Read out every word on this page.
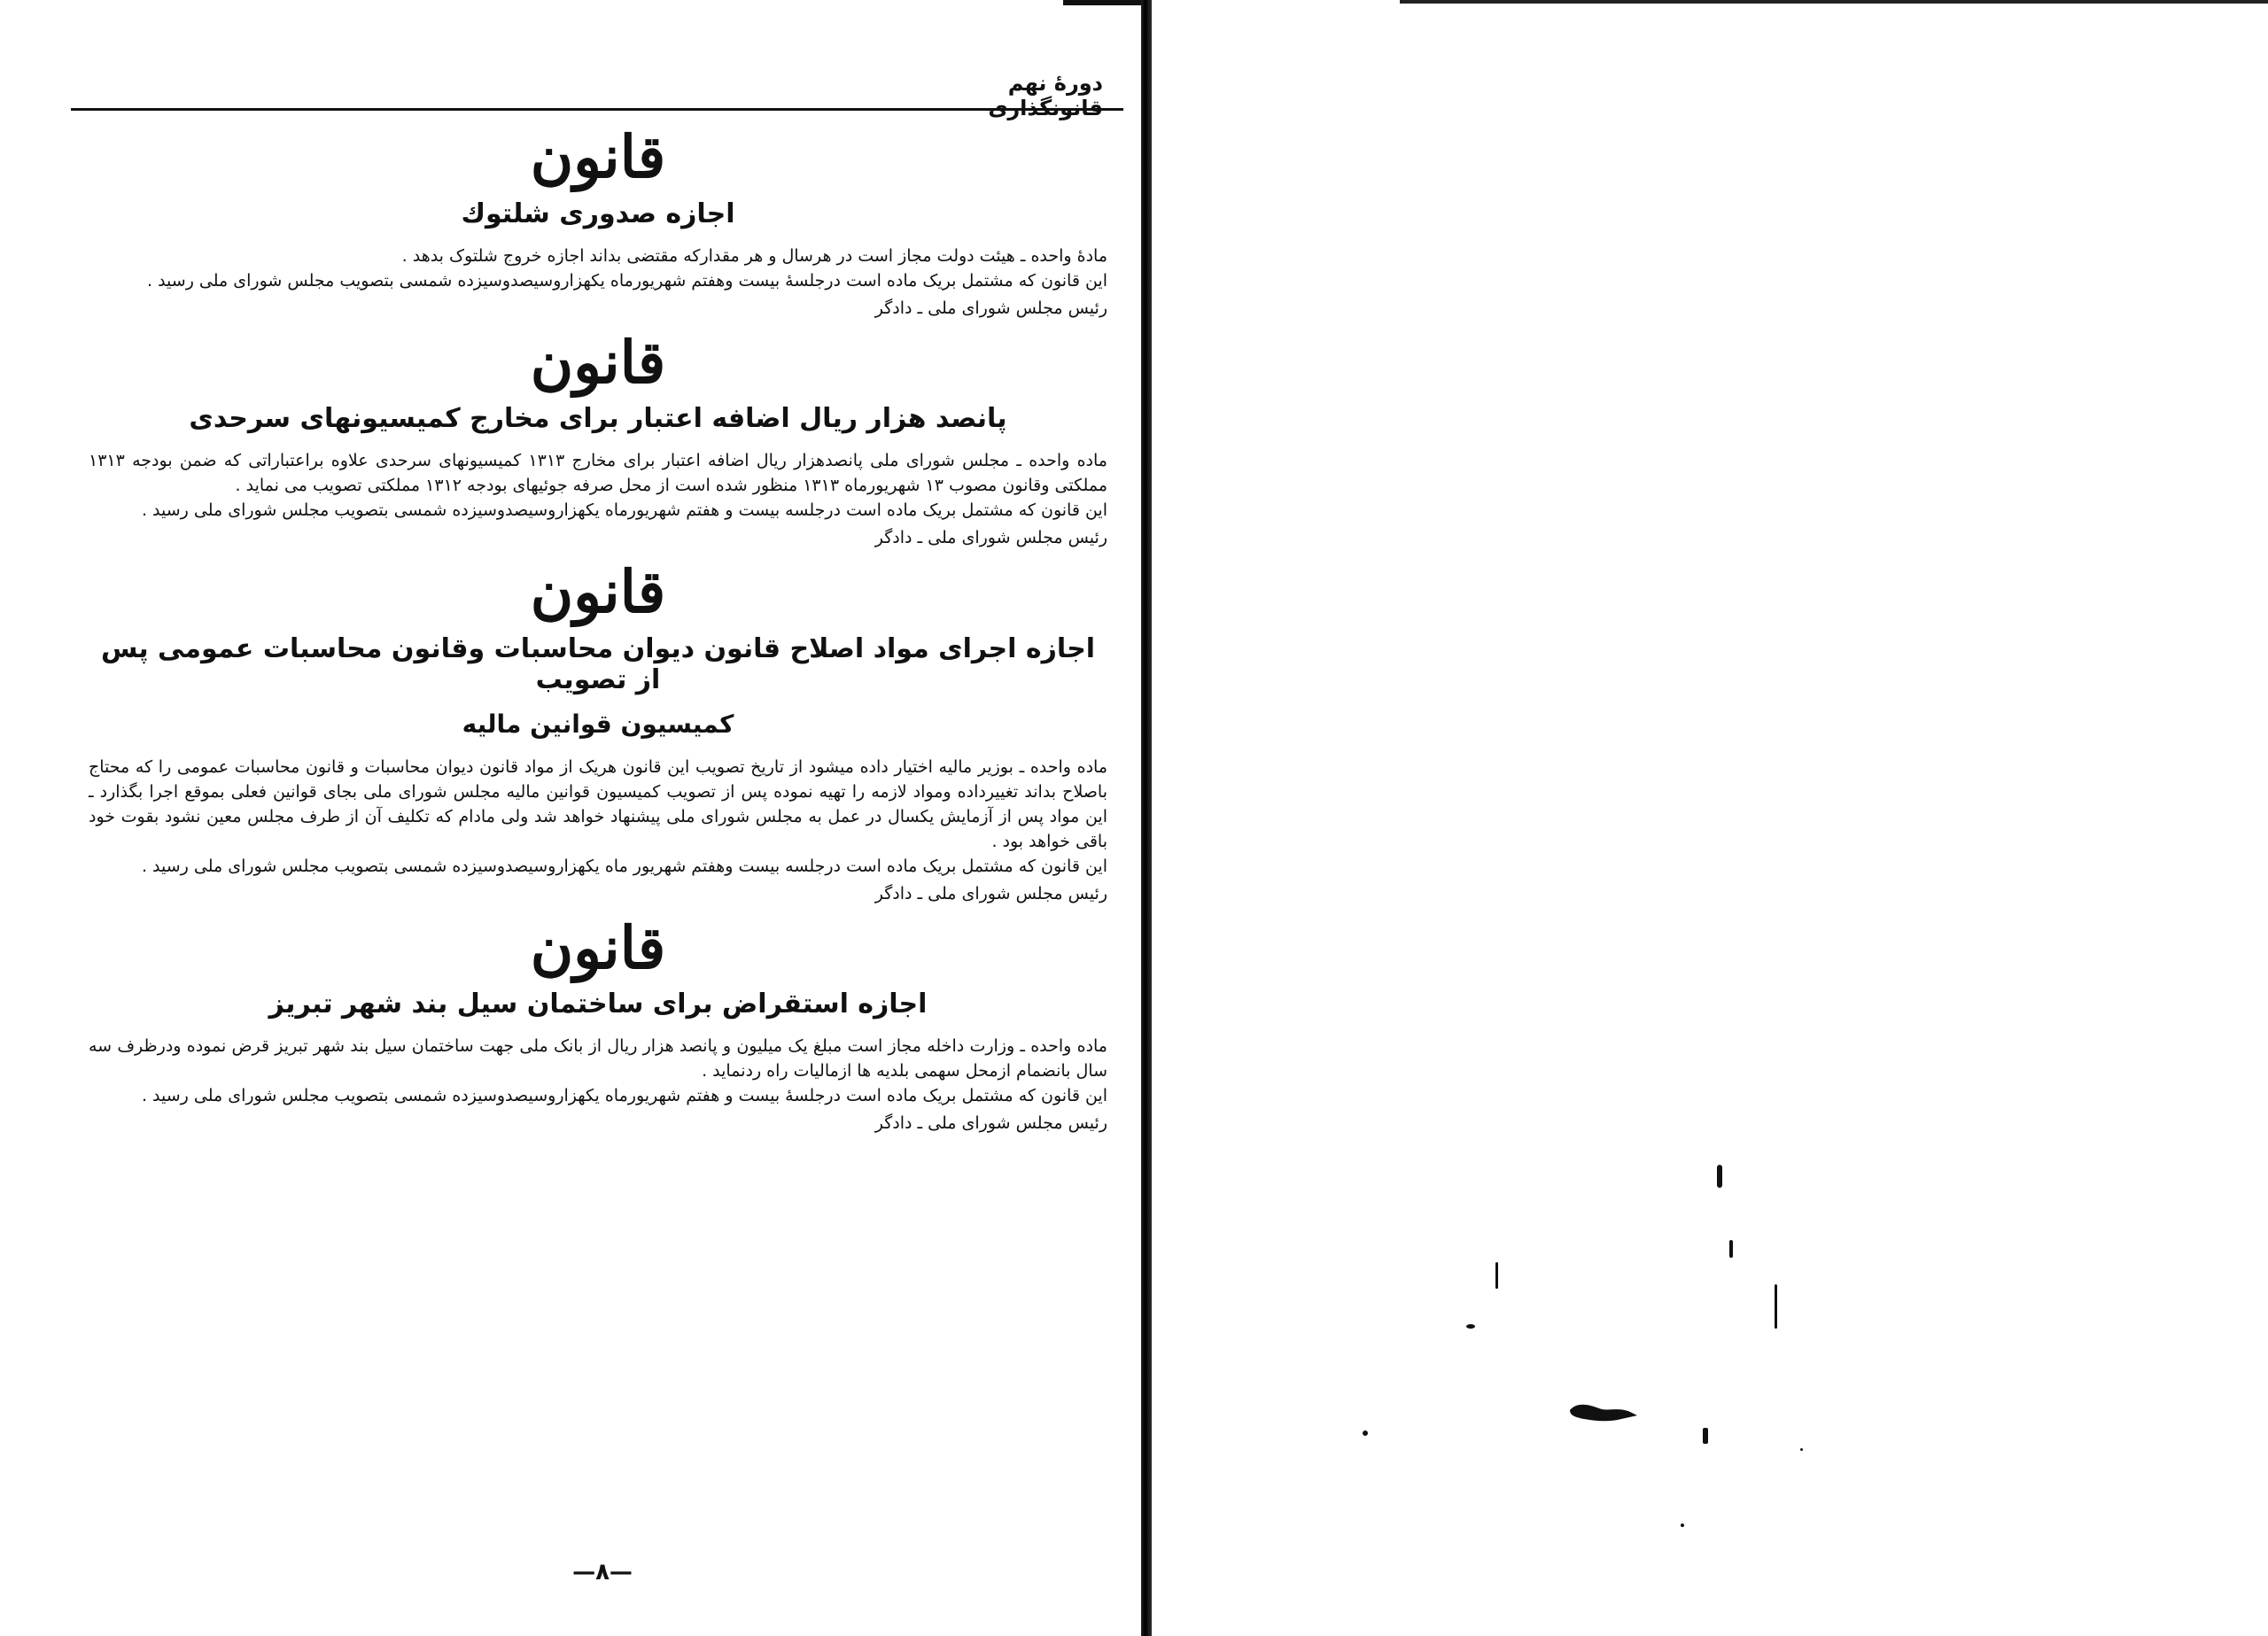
دورهٔ نهم قانونگذاری
قانون
اجازه صدوری شلتوك

مادهٔ واحده ـ هیئت دولت مجاز است در هرسال و هر مقدارکه مقتضی بداند اجازه خروج شلتوک بدهد .

این قانون که مشتمل بریک ماده است درجلسهٔ بیست وهفتم شهریورماه یکهزاروسیصدوسیزده شمسی بتصویب مجلس شورای ملی رسید .

رئیس مجلس شورای ملی ـ دادگر

قانون
پانصد هزار ریال اضافه اعتبار برای مخارج کمیسیونهای سرحدی

ماده واحده ـ مجلس شورای ملی پانصدهزار ریال اضافه اعتبار برای مخارج ۱۳۱۳ کمیسیونهای سرحدی علاوه براعتباراتی که ضمن بودجه ۱۳۱۳ مملکتی وقانون مصوب ۱۳ شهریورماه ۱۳۱۳ منظور شده است از محل صرفه جوئیهای بودجه ۱۳۱۲ مملکتی تصویب می نماید .

این قانون که مشتمل بریک ماده است درجلسه بیست و هفتم شهریورماه یکهزاروسیصدوسیزده شمسی بتصویب مجلس شورای ملی رسید .

رئیس مجلس شورای ملی ـ دادگر

قانون
اجازه اجرای مواد اصلاح قانون دیوان محاسبات وقانون محاسبات عمومی پس از تصویب
کمیسیون قوانین مالیه

ماده واحده ـ بوزیر مالیه اختیار داده میشود از تاریخ تصویب این قانون هریک از مواد قانون دیوان محاسبات و قانون محاسبات عمومی را که محتاج باصلاح بداند تغییرداده ومواد لازمه را تهیه نموده پس از تصویب کمیسیون قوانین مالیه مجلس شورای ملی بجای قوانین فعلی بموقع اجرا بگذارد ـ این مواد پس از آزمایش یکسال در عمل به مجلس شورای ملی پیشنهاد خواهد شد ولی مادام که تکلیف آن از طرف مجلس معین نشود بقوت خود باقی خواهد بود .

این قانون که مشتمل بریک ماده است درجلسه بیست وهفتم شهریور ماه یکهزاروسیصدوسیزده شمسی بتصویب مجلس شورای ملی رسید .

رئیس مجلس شورای ملی ـ دادگر

قانون
اجازه استقراض برای ساختمان سیل بند شهر تبریز

ماده واحده ـ وزارت داخله مجاز است مبلغ یک میلیون و پانصد هزار ریال از بانک ملی جهت ساختمان سیل بند شهر تبریز قرض نموده ودرظرف سه سال بانضمام ازمحل سهمی بلدیه ها ازمالیات راه ردنماید .

این قانون که مشتمل بریک ماده است درجلسهٔ بیست و هفتم شهریورماه یکهزاروسیصدوسیزده شمسی بتصویب مجلس شورای ملی رسید .

رئیس مجلس شورای ملی ـ دادگر

—۸—
